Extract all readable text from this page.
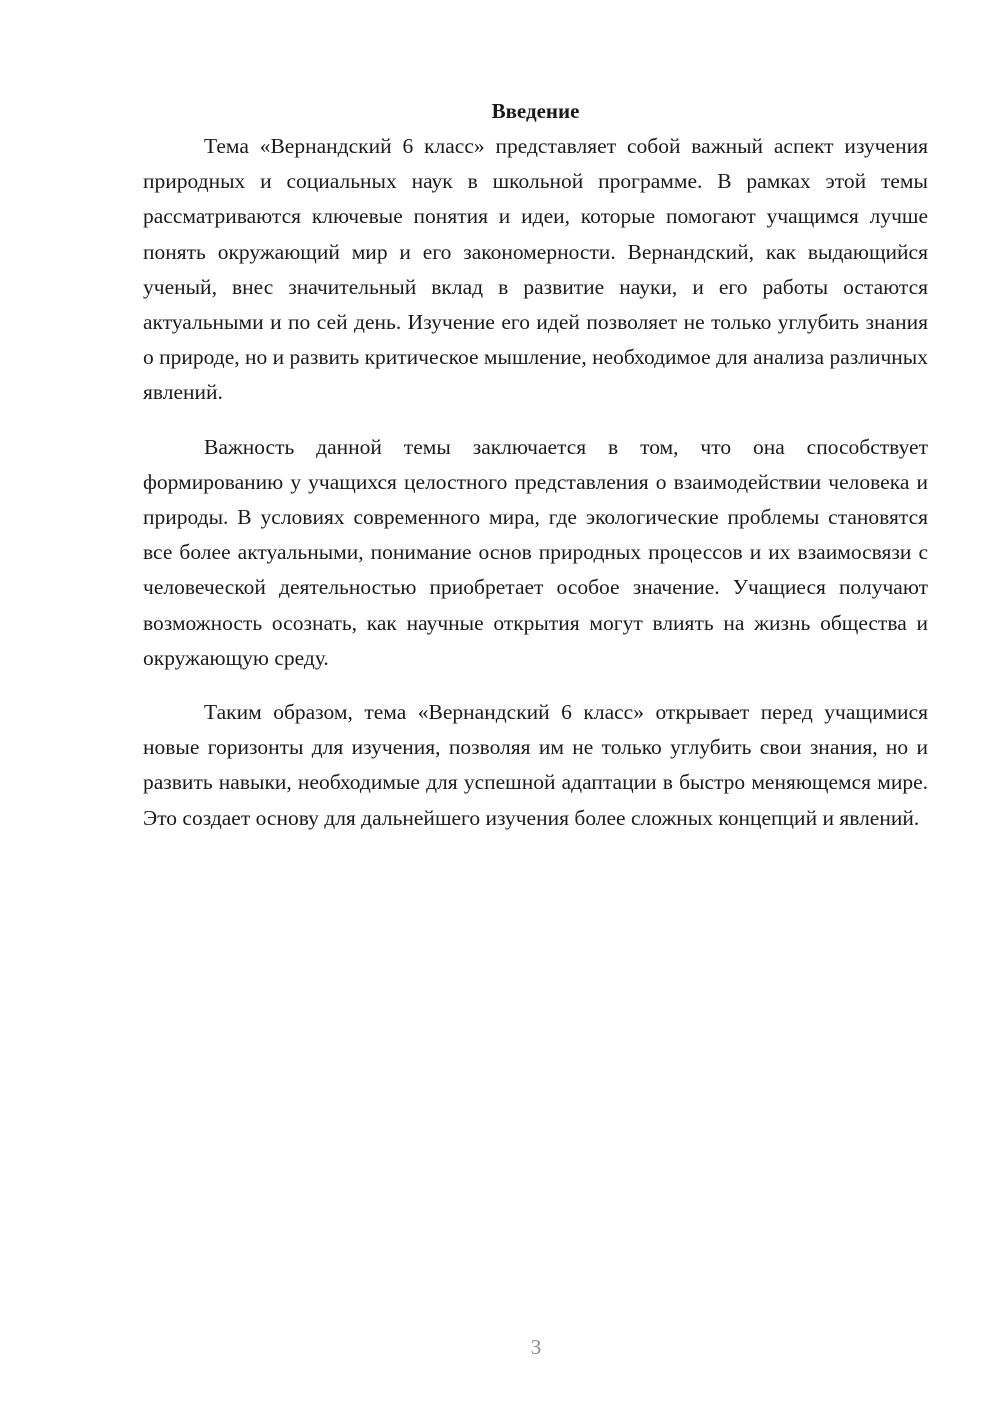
Введение

Тема «Вернандский 6 класс» представляет собой важный аспект изучения природных и социальных наук в школьной программе. В рамках этой темы рассматриваются ключевые понятия и идеи, которые помогают учащимся лучше понять окружающий мир и его закономерности. Вернандский, как выдающийся ученый, внес значительный вклад в развитие науки, и его работы остаются актуальными и по сей день. Изучение его идей позволяет не только углубить знания о природе, но и развить критическое мышление, необходимое для анализа различных явлений.

Важность данной темы заключается в том, что она способствует формированию у учащихся целостного представления о взаимодействии человека и природы. В условиях современного мира, где экологические проблемы становятся все более актуальными, понимание основ природных процессов и их взаимосвязи с человеческой деятельностью приобретает особое значение. Учащиеся получают возможность осознать, как научные открытия могут влиять на жизнь общества и окружающую среду.

Таким образом, тема «Вернандский 6 класс» открывает перед учащимися новые горизонты для изучения, позволяя им не только углубить свои знания, но и развить навыки, необходимые для успешной адаптации в быстро меняющемся мире. Это создает основу для дальнейшего изучения более сложных концепций и явлений.

3
